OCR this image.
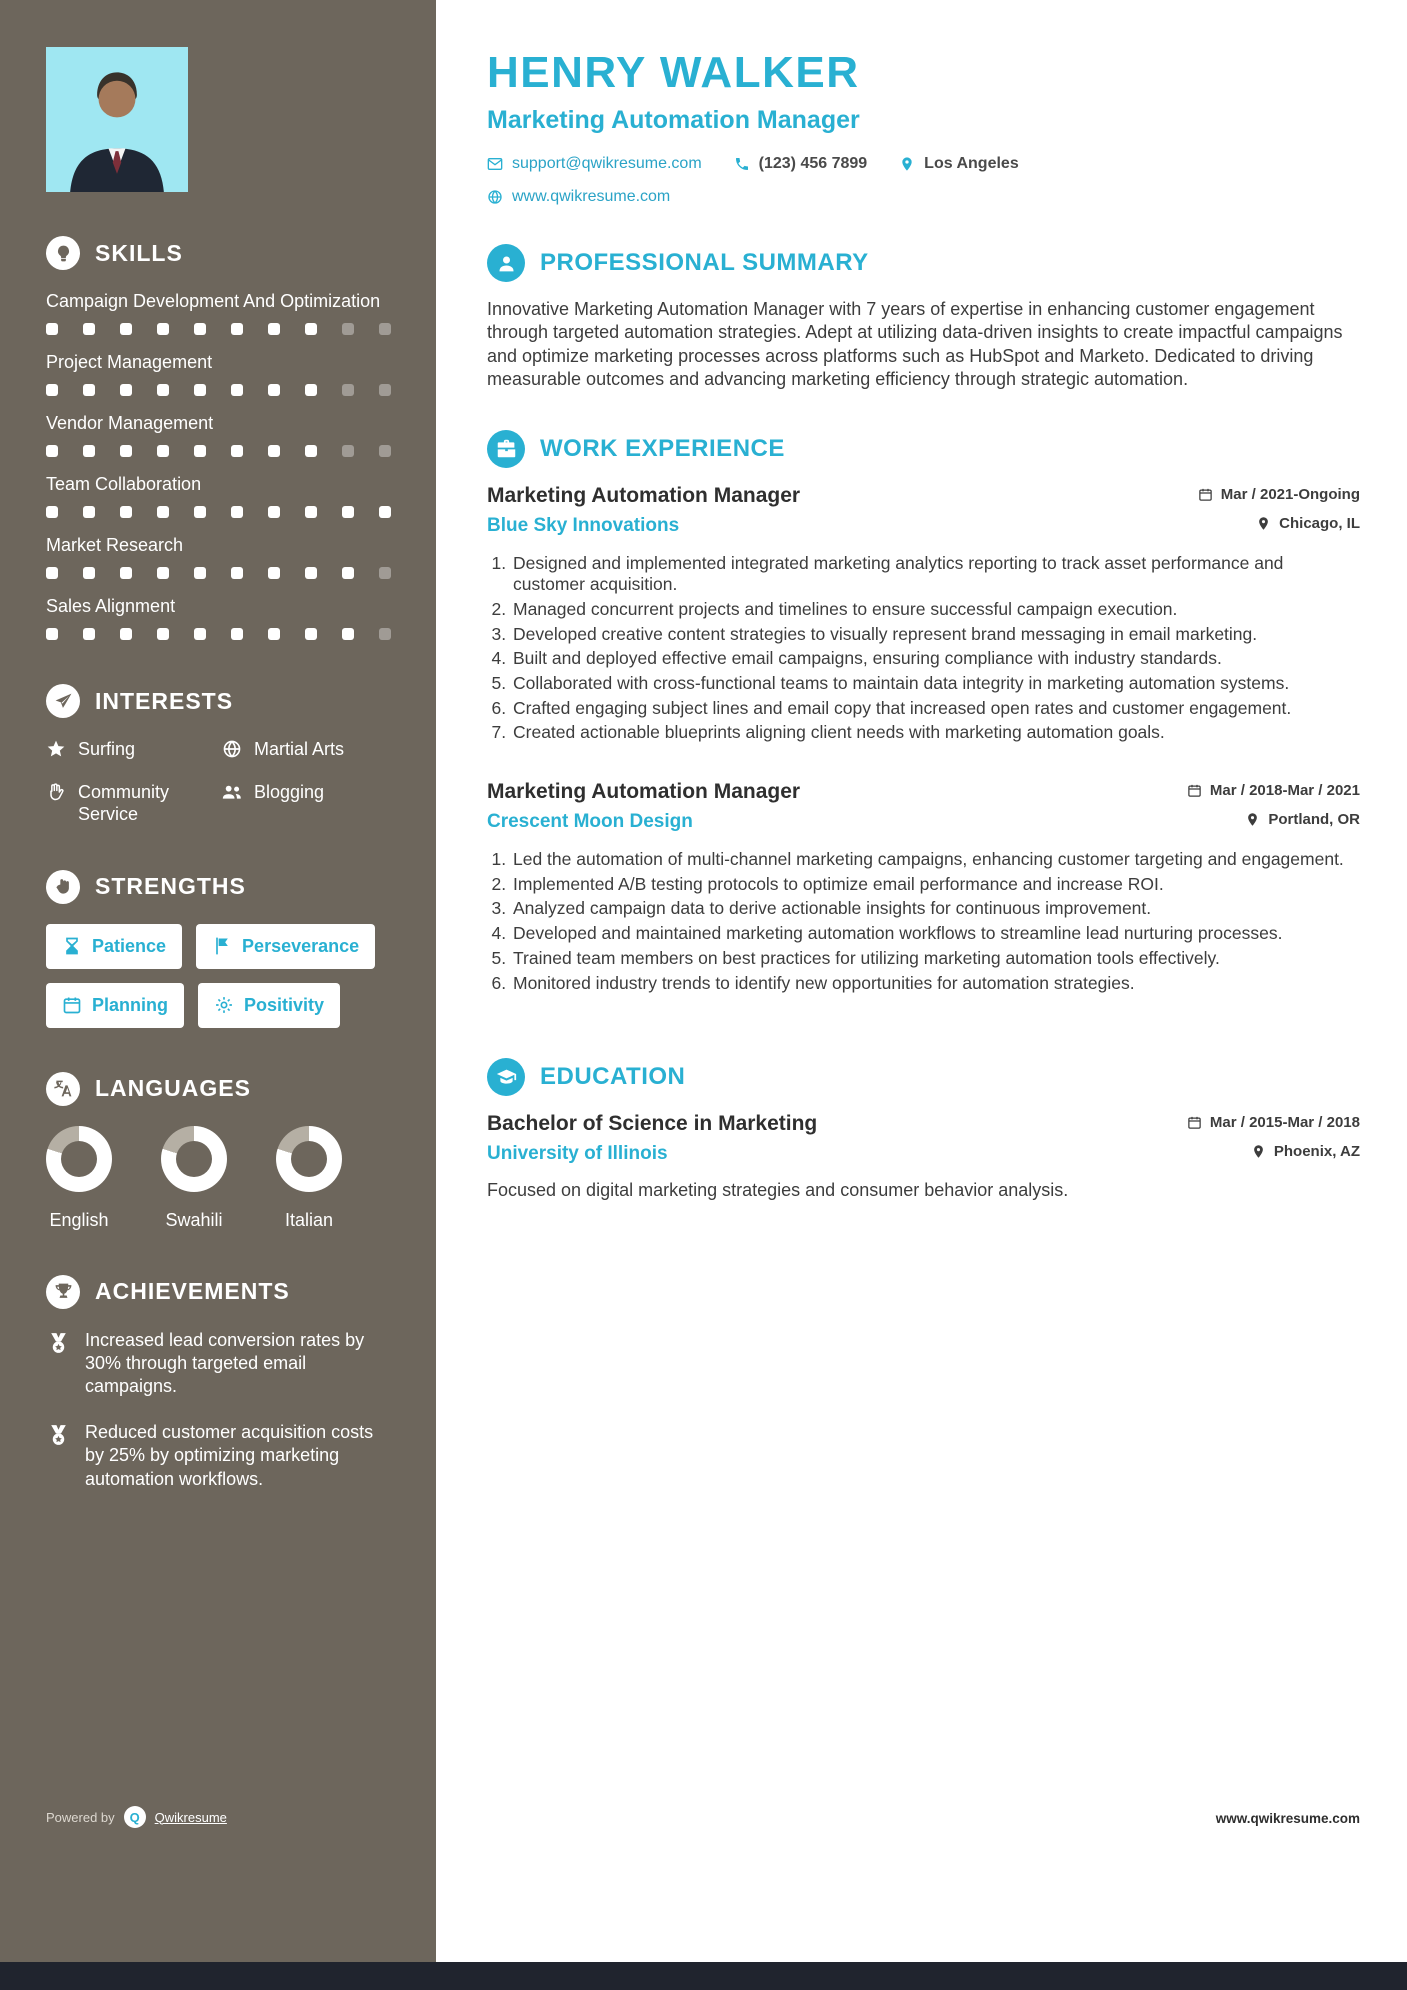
SKILLS
Campaign Development And Optimization
Project Management
Vendor Management
Team Collaboration
Market Research
Sales Alignment
INTERESTS
Surfing	Martial Arts
Community Service
Blogging
STRENGTHS
Patience	Perseverance
Planning	Positivity
LANGUAGES
English	Swahili	Italian
ACHIEVEMENTS
Increased lead conversion rates by 30% through targeted email campaigns.
Reduced customer acquisition costs by 25% by optimizing marketing automation workflows.
Powered by	Q	Qwikresume
HENRY WALKER
Marketing Automation Manager
support@qwikresume.com	(123) 456 7899	Los Angeles
www.qwikresume.com
PROFESSIONAL SUMMARY

Innovative Marketing Automation Manager with 7 years of expertise in enhancing customer engagement through targeted automation strategies. Adept at utilizing data-driven insights to create impactful campaigns and optimize marketing processes across platforms such as HubSpot and Marketo. Dedicated to driving measurable outcomes and advancing marketing efficiency through strategic automation.

WORK EXPERIENCE
Marketing Automation Manager	Mar / 2021-Ongoing
Blue Sky Innovations	Chicago, IL
1. Designed and implemented integrated marketing analytics reporting to track asset performance and customer acquisition.
2. Managed concurrent projects and timelines to ensure successful campaign execution.
3. Developed creative content strategies to visually represent brand messaging in email marketing.
4. Built and deployed effective email campaigns, ensuring compliance with industry standards.
5. Collaborated with cross-functional teams to maintain data integrity in marketing automation systems.
6. Crafted engaging subject lines and email copy that increased open rates and customer engagement.
7. Created actionable blueprints aligning client needs with marketing automation goals.
Marketing Automation Manager	Mar / 2018-Mar / 2021
Crescent Moon Design	Portland, OR
1. Led the automation of multi-channel marketing campaigns, enhancing customer targeting and engagement.
2. Implemented A/B testing protocols to optimize email performance and increase ROI.
3. Analyzed campaign data to derive actionable insights for continuous improvement.
4. Developed and maintained marketing automation workflows to streamline lead nurturing processes.
5. Trained team members on best practices for utilizing marketing automation tools effectively.
6. Monitored industry trends to identify new opportunities for automation strategies.
EDUCATION
Bachelor of Science in Marketing	Mar / 2015-Mar / 2018
University of Illinois	Phoenix, AZ

Focused on digital marketing strategies and consumer behavior analysis.

www.qwikresume.com
